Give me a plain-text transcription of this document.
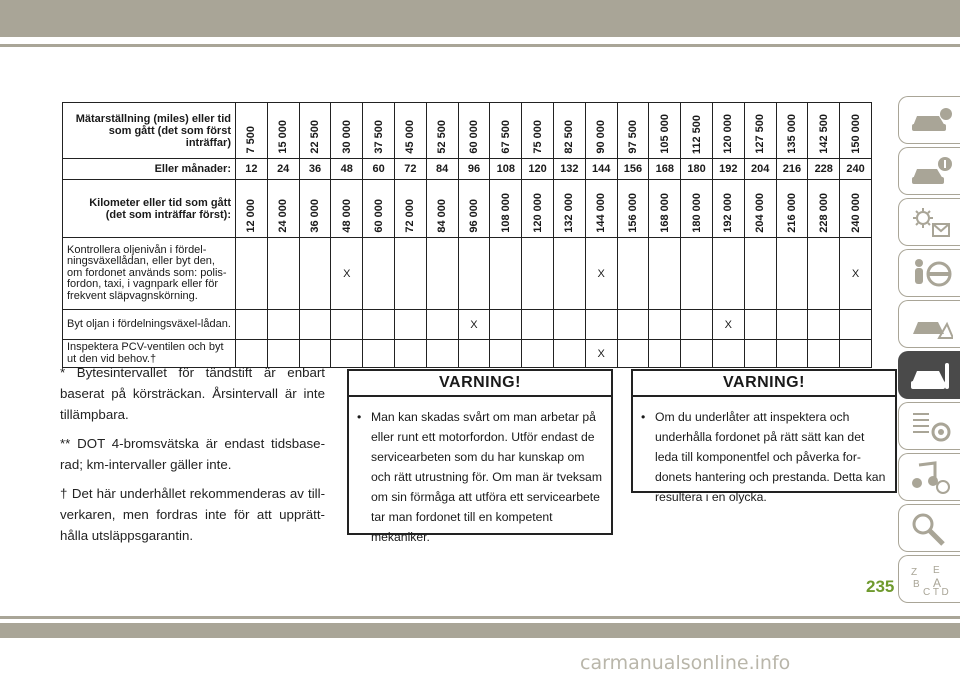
Mätarställning (miles) eller tid som gått (det som först inträffar)	7 500	15 000	22 500	30 000	37 500	45 000	52 500	60 000	67 500	75 000	82 500	90 000	97 500	105 000	112 500	120 000	127 500	135 000	142 500	150 000

Eller månader:	12	24	36	48	60	72	84	96	108	120	132	144	156	168	180	192	204	216	228	240
Kilometer eller tid som gått (det som inträffar först):	12 000	24 000	36 000	48 000	60 000	72 000	84 000	96 000	108 000	120 000	132 000	144 000	156 000	168 000	180 000	192 000	204 000	216 000	228 000	240 000

Kontrollera oljenivån i fördel-ningsväxellådan, eller byt den, om fordonet används som: polis-fordon, taxi, i vagnpark eller för frekvent släpvagnskörning.				X								X								X
Byt oljan i fördelningsväxel-lådan.								X								X				
Inspektera PCV-ventilen och byt ut den vid behov.†												X								

* Bytesintervallet för tändstift är enbart baserat på körsträckan. Årsintervall är inte tillämpbara.

** DOT 4-bromsvätska är endast tidsbase-rad; km-intervaller gäller inte.

† Det här underhållet rekommenderas av till-verkaren, men fordras inte för att upprätt-hålla utsläppsgarantin.

VARNING!
• Man kan skadas svårt om man arbetar på eller runt ett motorfordon. Utför endast de servicearbeten som du har kunskap om och rätt utrustning för. Om man är tveksam om sin förmåga att utföra ett servicearbete tar man fordonet till en kompetent mekaniker.
VARNING!
• Om du underlåter att inspektera och underhålla fordonet på rätt sätt kan det leda till komponentfel och påverka for-donets hantering och prestanda. Detta kan resultera i en olycka.
Z E
B A
C T D
235
carmanualsonline.info
